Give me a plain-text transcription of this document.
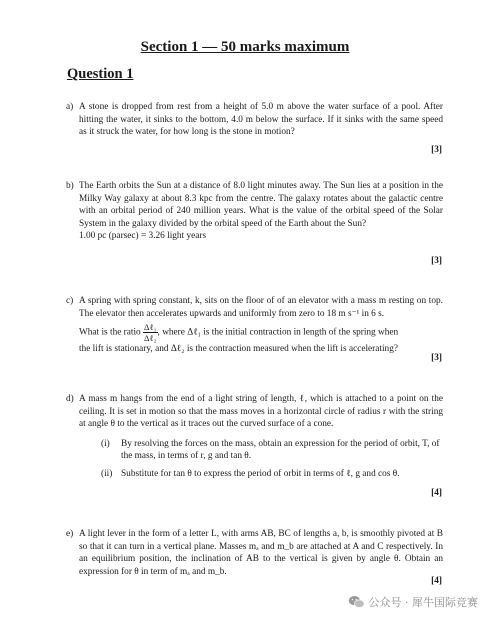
Section 1 — 50 marks maximum
Question 1
a) A stone is dropped from rest from a height of 5.0 m above the water surface of a pool. After hitting the water, it sinks to the bottom, 4.0 m below the surface. If it sinks with the same speed as it struck the water, for how long is the stone in motion?

[3]
b) The Earth orbits the Sun at a distance of 8.0 light minutes away. The Sun lies at a position in the Milky Way galaxy at about 8.3 kpc from the centre. The galaxy rotates about the galactic centre with an orbital period of 240 million years. What is the value of the orbital speed of the Solar System in the galaxy divided by the orbital speed of the Earth about the Sun?

1.00 pc (parsec) = 3.26 light years

[3]
c) A spring with spring constant, k, sits on the floor of of an elevator with a mass m resting on top. The elevator then accelerates upwards and uniformly from zero to 18 m s⁻¹ in 6 s.

What is the ratio $\frac{\text{Δℓ₁}}{\text{Δℓ₂}}$ , where Δℓ₁ is the initial contraction in length of the spring when

the lift is stationary, and Δℓ₂ is the contraction measured when the lift is accelerating?

[3]
d) A mass m hangs from the end of a light string of length, ℓ, which is attached to a point on the ceiling. It is set in motion so that the mass moves in a horizontal circle of radius r with the string at angle θ to the vertical as it traces out the curved surface of a cone.

(i) By resolving the forces on the mass, obtain an expression for the period of orbit, T, of the mass, in terms of r, g and tan θ.

(ii) Substitute for tan θ to express the period of orbit in terms of ℓ, g and cos θ.

[4]
e) A light lever in the form of a letter L, with arms AB, BC of lengths a, b, is smoothly pivoted at B so that it can turn in a vertical plane. Masses mₐ and m_b are attached at A and C respectively. In an equilibrium position, the inclination of AB to the vertical is given by angle θ. Obtain an expression for θ in term of mₐ and m_b.

[4]
公众号 · 犀牛国际竞赛
